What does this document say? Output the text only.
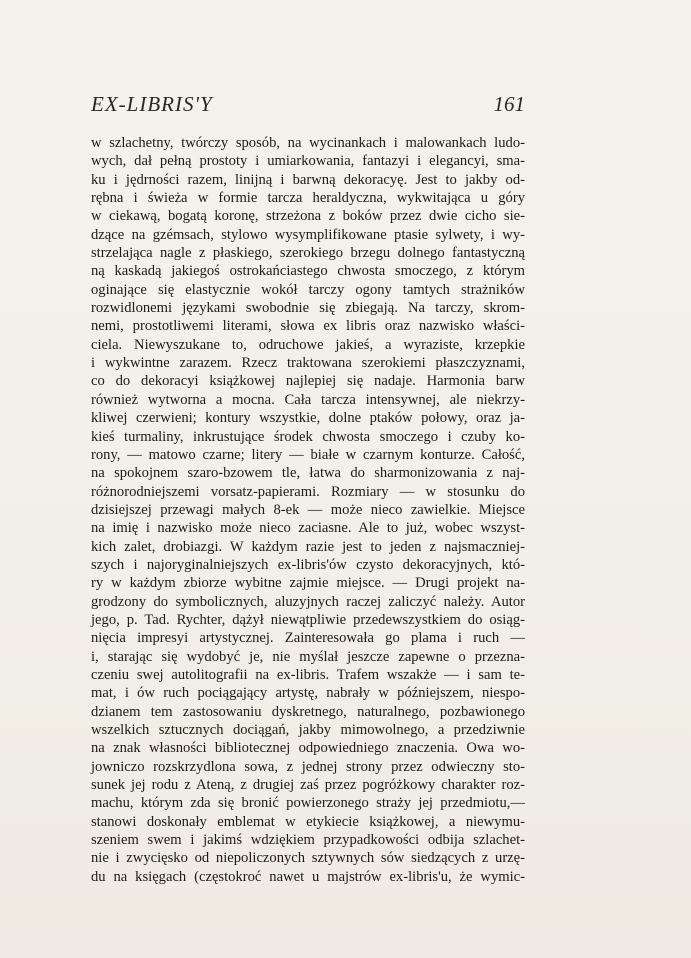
EX-LIBRIS'Y	161
w szlachetny, twórczy sposób, na wycinankach i malowankach ludo-
wych, dał pełną prostoty i umiarkowania, fantazyi i elegancyi, sma-
ku i jędrności razem, linijną i barwną dekoracyę. Jest to jakby od-
rębna i świeża w formie tarcza heraldyczna, wykwitająca u góry
w ciekawą, bogatą koronę, strzeżona z boków przez dwie cicho sie-
dzące na gzémsach, stylowo wysymplifikowane ptasie sylwety, i wy-
strzelająca nagle z płaskiego, szerokiego brzegu dolnego fantastyczną
ną kaskadą jakiegoś ostrokańciastego chwosta smoczego, z którym
oginające się elastycznie wokół tarczy ogony tamtych strażników
rozwidlonemi językami swobodnie się zbiegają. Na tarczy, skrom-
nemi, prostotliwemi literami, słowa ex libris oraz nazwisko właści-
ciela. Niewyszukane to, odruchowe jakieś, a wyraziste, krzepkie
i wykwintne zarazem. Rzecz traktowana szerokiemi płaszczyznami,
co do dekoracyi książkowej najlepiej się nadaje. Harmonia barw
również wytworna a mocna. Cała tarcza intensywnej, ale niekrzy-
kliwej czerwieni; kontury wszystkie, dolne ptaków połowy, oraz ja-
kieś turmaliny, inkrustujące środek chwosta smoczego i czuby ko-
rony, — matowo czarne; litery — białe w czarnym konturze. Całość,
na spokojnem szaro-bzowem tle, łatwa do sharmonizowania z naj-
różnorodniejszemi vorsatz-papierami. Rozmiary — w stosunku do
dzisiejszej przewagi małych 8-ek — może nieco zawielkie. Miejsce
na imię i nazwisko może nieco zaciasne. Ale to już, wobec wszyst-
kich zalet, drobiazgi. W każdym razie jest to jeden z najsmaczniej-
szych i najoryginalniejszych ex-libris'ów czysto dekoracyjnych, któ-
ry w każdym zbiorze wybitne zajmie miejsce. — Drugi projekt na-
grodzony do symbolicznych, aluzyjnych raczej zaliczyć należy. Autor
jego, p. Tad. Rychter, dążył niewątpliwie przedewszystkiem do osiąg-
nięcia impresyi artystycznej. Zainteresowała go plama i ruch —
i, starając się wydobyć je, nie myślał jeszcze zapewne o przezna-
czeniu swej autolitografii na ex-libris. Trafem wszakże — i sam te-
mat, i ów ruch pociągający artystę, nabrały w późniejszem, niespo-
dzianem tem zastosowaniu dyskretnego, naturalnego, pozbawionego
wszelkich sztucznych dociągań, jakby mimowolnego, a przedziwnie
na znak własności bibliotecznej odpowiedniego znaczenia. Owa wo-
jowniczo rozskrzydlona sowa, z jednej strony przez odwieczny sto-
sunek jej rodu z Ateną, z drugiej zaś przez pogróżkowy charakter roz-
machu, którym zda się bronić powierzonego straży jej przedmiotu,—
stanowi doskonały emblemat w etykiecie książkowej, a niewymu-
szeniem swem i jakimś wdziękiem przypadkowości odbija szlachet-
nie i zwycięsko od niepoliczonych sztywnych sów siedzących z urzę-
du na księgach (częstokroć nawet u majstrów ex-libris'u, że wymic-
